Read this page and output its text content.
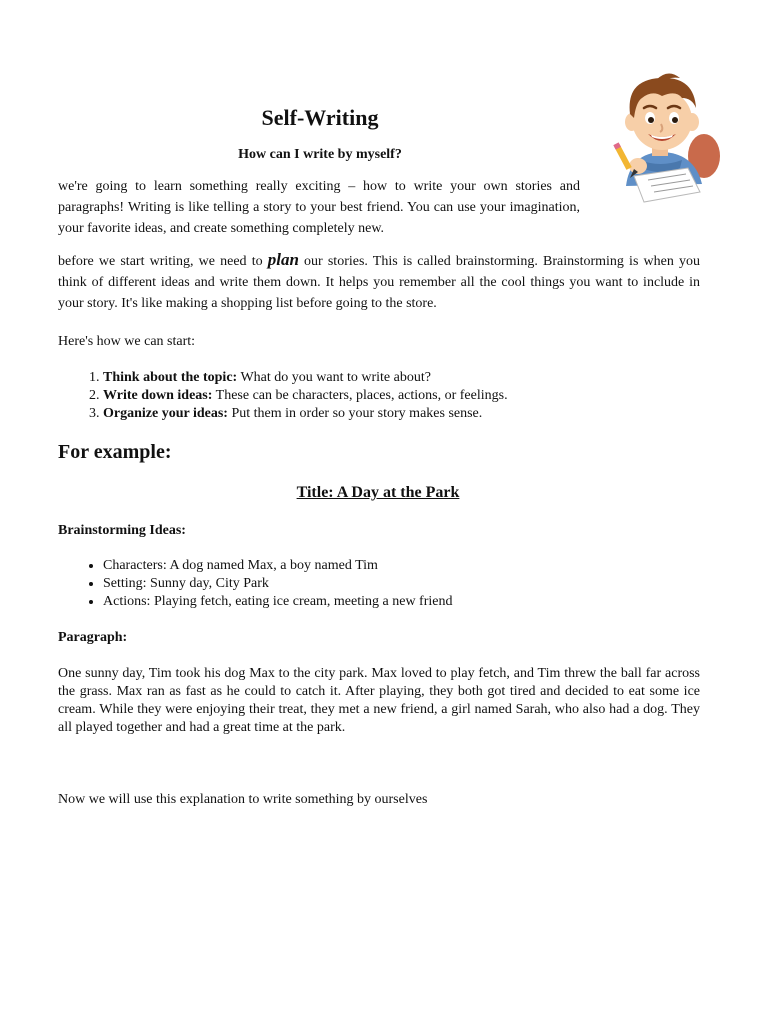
Self-Writing
How can I write by myself?

we're going to learn something really exciting – how to write your own stories and paragraphs! Writing is like telling a story to your best friend. You can use your imagination, your favorite ideas, and create something completely new.

before we start writing, we need to plan our stories. This is called brainstorming. Brainstorming is when you think of different ideas and write them down. It helps you remember all the cool things you want to include in your story. It's like making a shopping list before going to the store.

Here's how we can start:

1. Think about the topic: What do you want to write about?
2. Write down ideas: These can be characters, places, actions, or feelings.
3. Organize your ideas: Put them in order so your story makes sense.
For example:

Title: A Day at the Park

Brainstorming Ideas:

• Characters: A dog named Max, a boy named Tim
• Setting: Sunny day, City Park
• Actions: Playing fetch, eating ice cream, meeting a new friend

Paragraph:

One sunny day, Tim took his dog Max to the city park. Max loved to play fetch, and Tim threw the ball far across the grass. Max ran as fast as he could to catch it. After playing, they both got tired and decided to eat some ice cream. While they were enjoying their treat, they met a new friend, a girl named Sarah, who also had a dog. They all played together and had a great time at the park.

Now we will use this explanation to write something by ourselves
